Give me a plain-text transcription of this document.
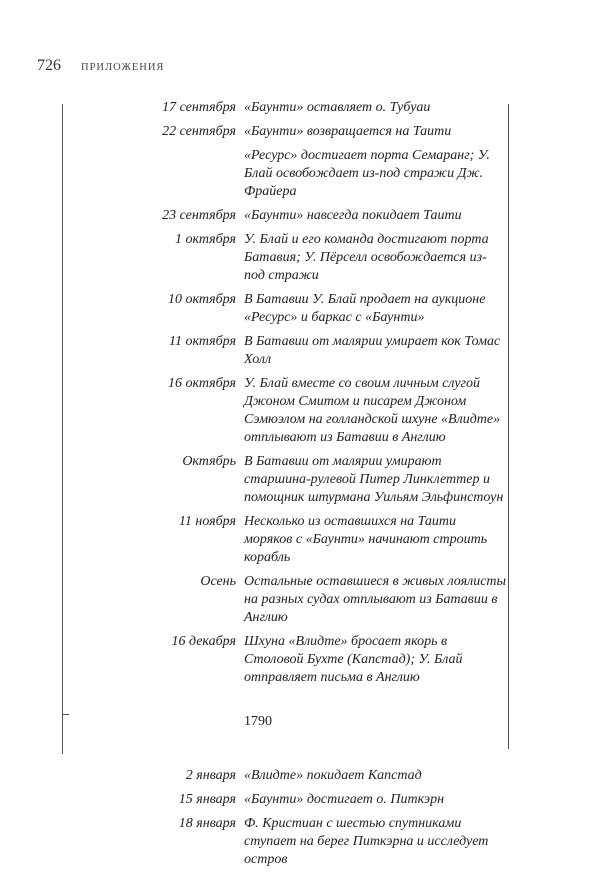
726 ПРИЛОЖЕНИЯ
17 сентября «Баунти» оставляет о. Тубуаи
22 сентября «Баунти» возвращается на Таити
«Ресурс» достигает порта Семаранг; У. Блай освобождает из-под стражи Дж. Фрайера
23 сентября «Баунти» навсегда покидает Таити
1 октября У. Блай и его команда достигают порта Батавия; У. Пёрселл освобождается из-под стражи
10 октября В Батавии У. Блай продает на аукционе «Ресурс» и баркас с «Баунти»
11 октября В Батавии от малярии умирает кок Томас Холл
16 октября У. Блай вместе со своим личным слугой Джоном Смитом и писарем Джоном Сэмюэлом на голландской шхуне «Влидте» отплывают из Батавии в Англию
Октябрь В Батавии от малярии умирают старшина-рулевой Питер Линклеттер и помощник штурмана Уильям Эльфинстоун
11 ноября Несколько из оставшихся на Таити моряков с «Баунти» начинают строить корабль
Осень Остальные оставшиеся в живых лоялисты на разных судах отплывают из Батавии в Англию
16 декабря Шхуна «Влидте» бросает якорь в Столовой Бухте (Капстад); У. Блай отправляет письма в Англию
1790
2 января «Влидте» покидает Капстад
15 января «Баунти» достигает о. Питкэрн
18 января Ф. Кристиан с шестью спутниками ступает на берег Питкэрна и исследует остров
